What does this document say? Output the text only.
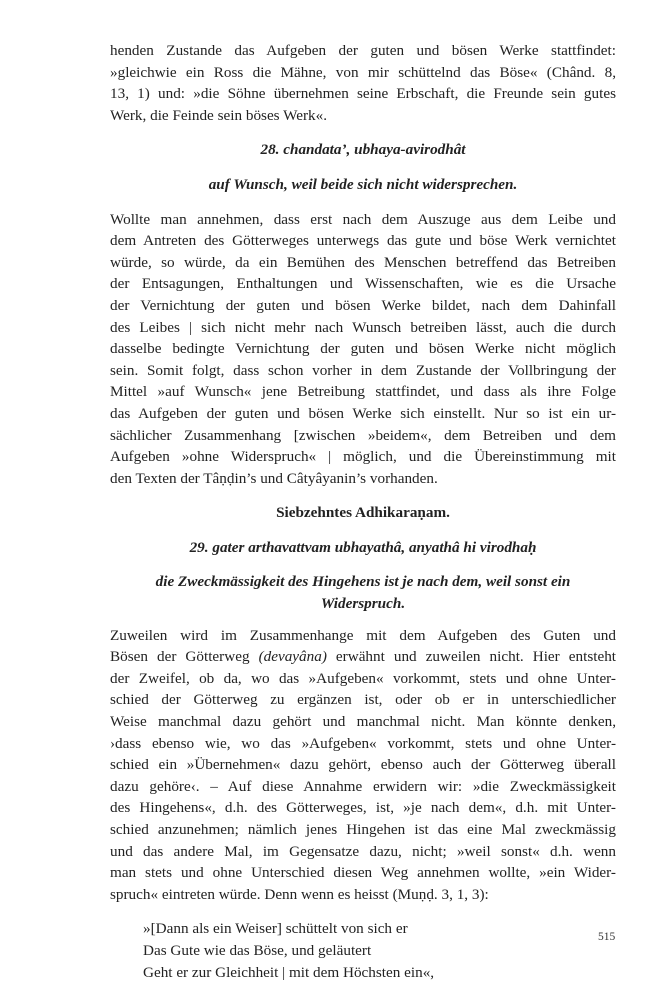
henden Zustande das Aufgeben der guten und bösen Werke stattfindet:
»gleichwie ein Ross die Mähne, von mir schüttelnd das Böse« (Chând. 8,
13, 1) und: »die Söhne übernehmen seine Erbschaft, die Freunde sein gutes
Werk, die Feinde sein böses Werk«.

28. chandata’, ubhaya-avirodhât

auf Wunsch, weil beide sich nicht widersprechen.

Wollte man annehmen, dass erst nach dem Auszuge aus dem Leibe und
dem Antreten des Götterweges unterwegs das gute und böse Werk vernichtet
würde, so würde, da ein Bemühen des Menschen betreffend das Betreiben
der Entsagungen, Enthaltungen und Wissenschaften, wie es die Ursache
der Vernichtung der guten und bösen Werke bildet, nach dem Dahinfall
des Leibes | sich nicht mehr nach Wunsch betreiben lässt, auch die durch
dasselbe bedingte Vernichtung der guten und bösen Werke nicht möglich
sein. Somit folgt, dass schon vorher in dem Zustande der Vollbringung der
Mittel »auf Wunsch« jene Betreibung stattfindet, und dass als ihre Folge
das Aufgeben der guten und bösen Werke sich einstellt. Nur so ist ein ur-
sächlicher Zusammenhang [zwischen »beidem«, dem Betreiben und dem
Aufgeben »ohne Widerspruch« | möglich, und die Übereinstimmung mit
den Texten der Tâṇḍin’s und Câtyâyanin’s vorhanden.

Siebzehntes Adhikaraṇam.

29. gater arthavattvam ubhayathâ, anyathâ hi virodhaḥ

die Zweckmässigkeit des Hingehens ist je nach dem, weil sonst ein

Widerspruch.

Zuweilen wird im Zusammenhange mit dem Aufgeben des Guten und
Bösen der Götterweg (devayâna) erwähnt und zuweilen nicht. Hier entsteht
der Zweifel, ob da, wo das »Aufgeben« vorkommt, stets und ohne Unter-
schied der Götterweg zu ergänzen ist, oder ob er in unterschiedlicher
Weise manchmal dazu gehört und manchmal nicht. Man könnte denken,
›dass ebenso wie, wo das »Aufgeben« vorkommt, stets und ohne Unter-
schied ein »Übernehmen« dazu gehört, ebenso auch der Götterweg überall
dazu gehöre‹. – Auf diese Annahme erwidern wir: »die Zweckmässigkeit
des Hingehens«, d.h. des Götterweges, ist, »je nach dem«, d.h. mit Unter-
schied anzunehmen; nämlich jenes Hingehen ist das eine Mal zweckmässig
und das andere Mal, im Gegensatze dazu, nicht; »weil sonst« d.h. wenn
man stets und ohne Unterschied diesen Weg annehmen wollte, »ein Wider-
spruch« eintreten würde. Denn wenn es heisst (Muṇḍ. 3, 1, 3):

»[Dann als ein Weiser] schüttelt von sich er
Das Gute wie das Böse, und geläutert
Geht er zur Gleichheit | mit dem Höchsten ein«,

515
